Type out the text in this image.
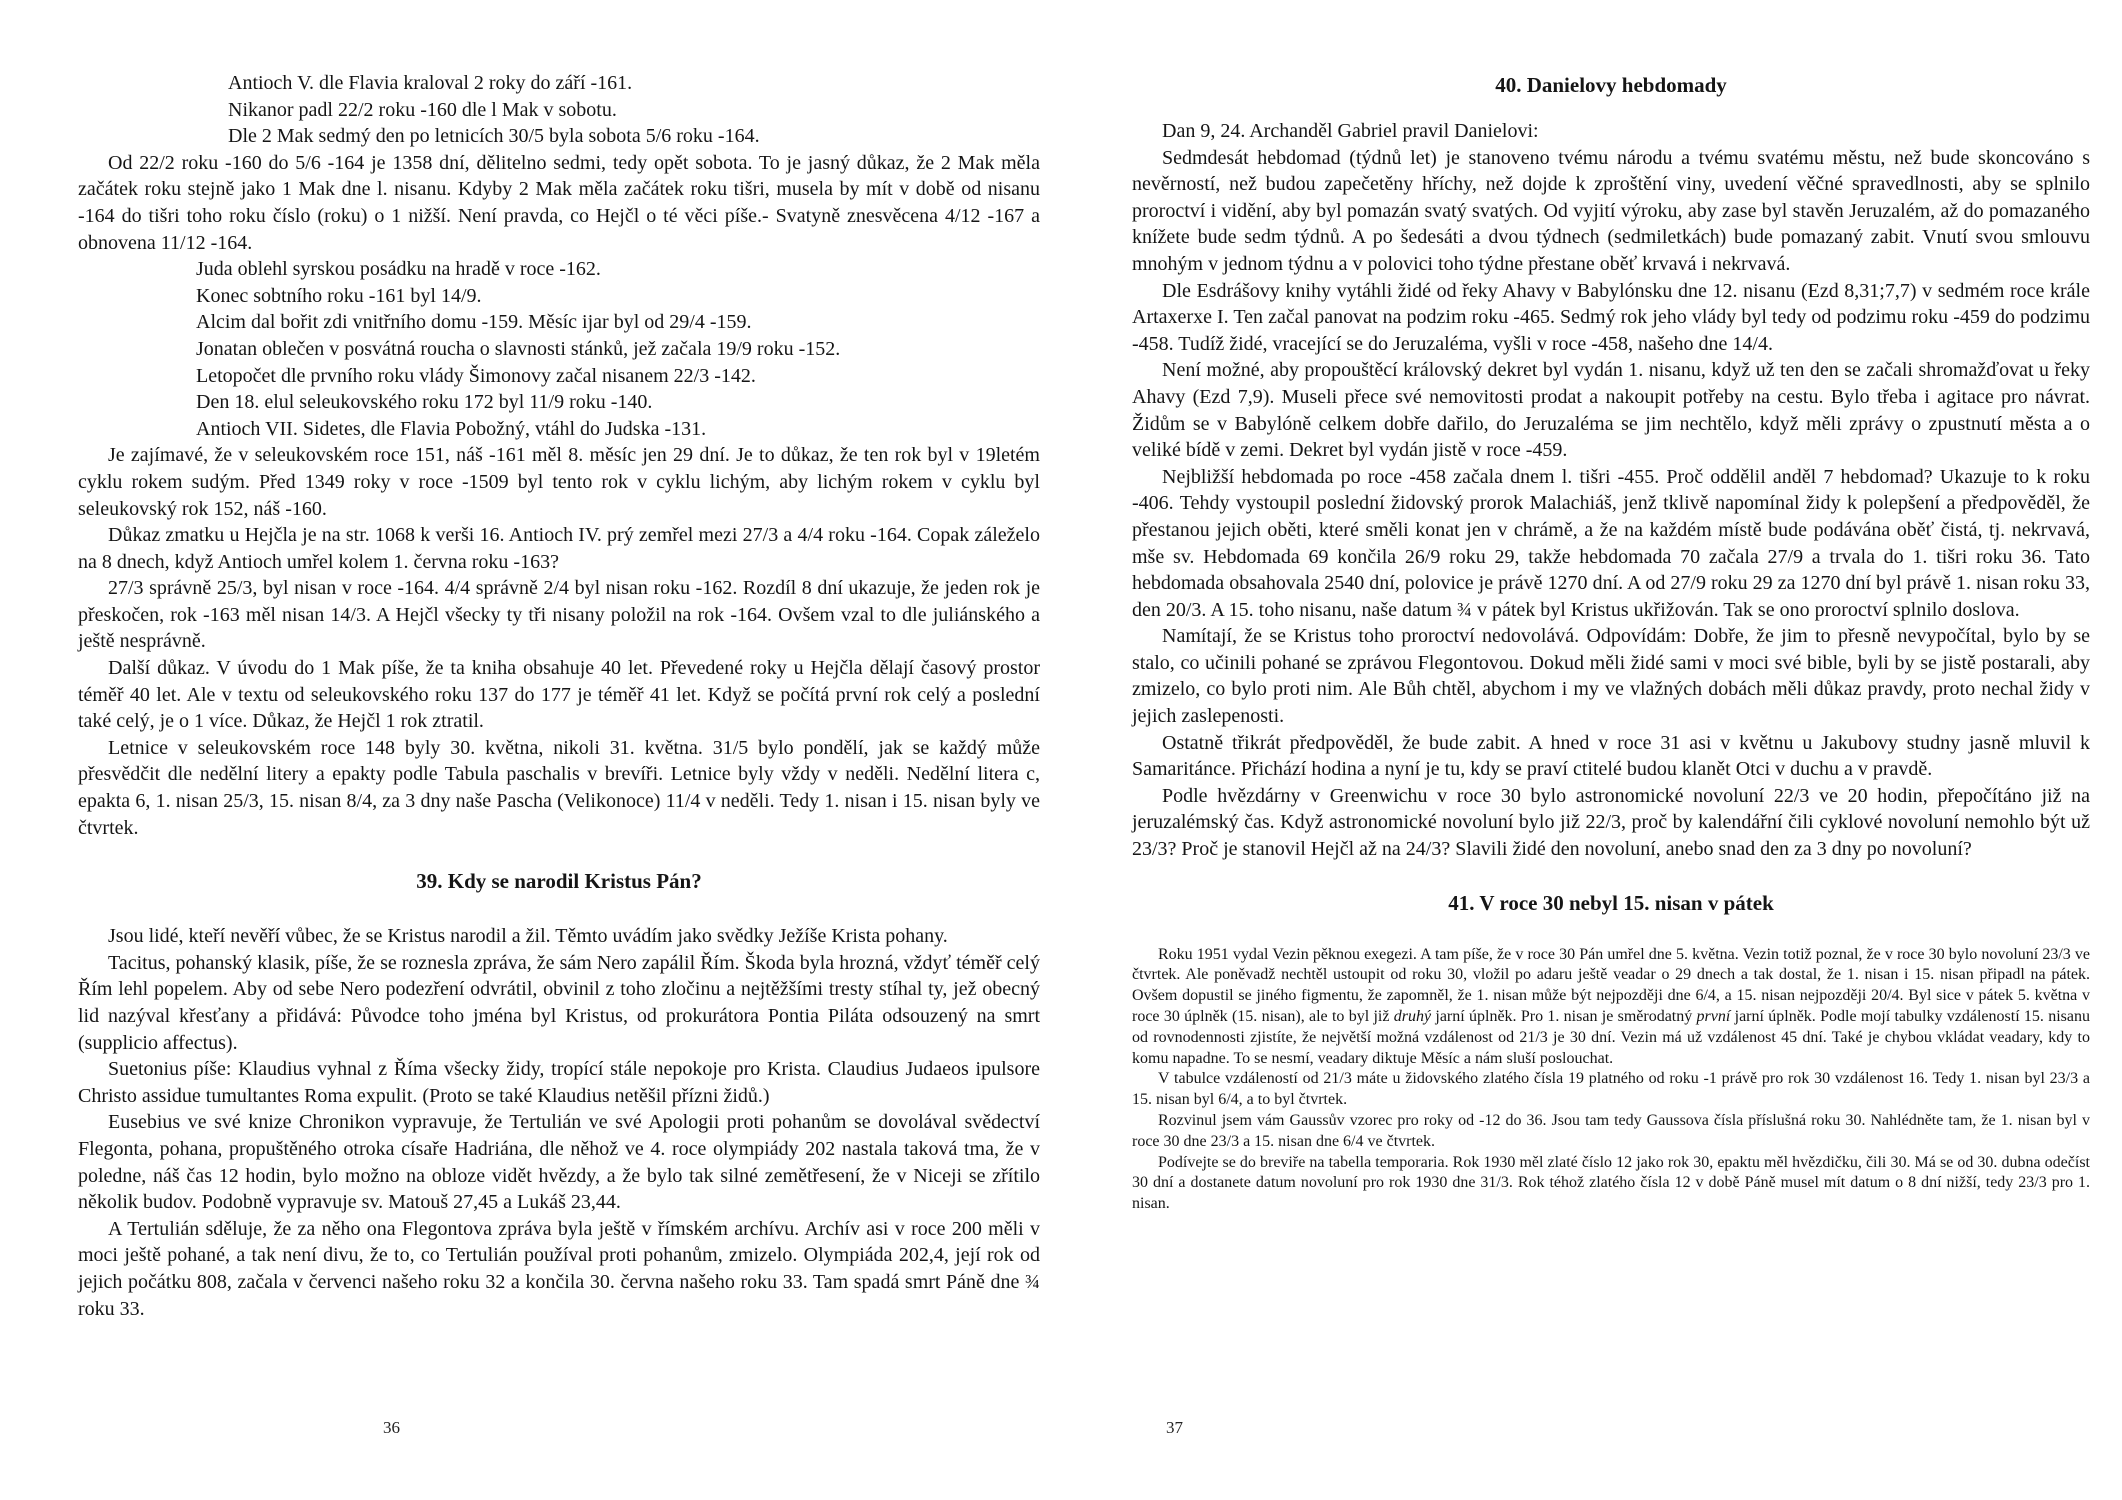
Antioch V. dle Flavia kraloval 2 roky do září -161.
Nikanor padl 22/2 roku -160 dle l Mak v sobotu.
Dle 2 Mak sedmý den po letnicích 30/5 byla sobota 5/6 roku -164.

Od 22/2 roku -160 do 5/6 -164 je 1358 dní, dělitelno sedmi, tedy opět sobota. To je jasný důkaz, že 2 Mak měla začátek roku stejně jako 1 Mak dne l. nisanu. Kdyby 2 Mak měla začátek roku tišri, musela by mít v době od nisanu -164 do tišri toho roku číslo (roku) o 1 nižší. Není pravda, co Hejčl o té věci píše.- Svatyně znesvěcena 4/12 -167 a obnovena 11/12 -164.

Juda oblehl syrskou posádku na hradě v roce -162.
Konec sobtního roku -161 byl 14/9.
Alcim dal bořit zdi vnitřního domu -159. Měsíc ijar byl od 29/4 -159.
Jonatan oblečen v posvátná roucha o slavnosti stánků, jež začala 19/9 roku -152.
Letopočet dle prvního roku vlády Šimonovy začal nisanem 22/3 -142.
Den 18. elul seleukovského roku 172 byl 11/9 roku -140.
Antioch VII. Sidetes, dle Flavia Pobožný, vtáhl do Judska -131.

Je zajímavé, že v seleukovském roce 151, náš -161 měl 8. měsíc jen 29 dní. Je to důkaz, že ten rok byl v 19letém cyklu rokem sudým. Před 1349 roky v roce -1509 byl tento rok v cyklu lichým, aby lichým rokem v cyklu byl seleukovský rok 152, náš -160.

Důkaz zmatku u Hejčla je na str. 1068 k verši 16. Antioch IV. prý zemřel mezi 27/3 a 4/4 roku -164. Copak záleželo na 8 dnech, když Antioch umřel kolem 1. června roku -163?

27/3 správně 25/3, byl nisan v roce -164. 4/4 správně 2/4 byl nisan roku -162. Rozdíl 8 dní ukazuje, že jeden rok je přeskočen, rok -163 měl nisan 14/3. A Hejčl všecky ty tři nisany položil na rok -164. Ovšem vzal to dle juliánského a ještě nesprávně.

Další důkaz. V úvodu do 1 Mak píše, že ta kniha obsahuje 40 let. Převedené roky u Hejčla dělají časový prostor téměř 40 let. Ale v textu od seleukovského roku 137 do 177 je téměř 41 let. Když se počítá první rok celý a poslední také celý, je o 1 více. Důkaz, že Hejčl 1 rok ztratil.

Letnice v seleukovském roce 148 byly 30. května, nikoli 31. května. 31/5 bylo pondělí, jak se každý může přesvědčit dle nedělní litery a epakty podle Tabula paschalis v brevíři. Letnice byly vždy v neděli. Nedělní litera c, epakta 6, 1. nisan 25/3, 15. nisan 8/4, za 3 dny naše Pascha (Velikonoce) 11/4 v neděli. Tedy 1. nisan i 15. nisan byly ve čtvrtek.

39. Kdy se narodil Kristus Pán?

Jsou lidé, kteří nevěří vůbec, že se Kristus narodil a žil. Těmto uvádím jako svědky Ježíše Krista pohany.

Tacitus, pohanský klasik, píše, že se roznesla zpráva, že sám Nero zapálil Řím. Škoda byla hrozná, vždyť téměř celý Řím lehl popelem. Aby od sebe Nero podezření odvrátil, obvinil z toho zločinu a nejtěžšími tresty stíhal ty, jež obecný lid nazýval křesťany a přidává: Původce toho jména byl Kristus, od prokurátora Pontia Piláta odsouzený na smrt (supplicio affectus).

Suetonius píše: Klaudius vyhnal z Říma všecky židy, tropící stále nepokoje pro Krista. Claudius Judaeos ipulsore Christo assidue tumultantes Roma expulit. (Proto se také Klaudius netěšil přízni židů.)

Eusebius ve své knize Chronikon vypravuje, že Tertulián ve své Apologii proti pohanům se dovolával svědectví Flegonta, pohana, propuštěného otroka císaře Hadriána, dle něhož ve 4. roce olympiády 202 nastala taková tma, že v poledne, náš čas 12 hodin, bylo možno na obloze vidět hvězdy, a že bylo tak silné zemětřesení, že v Niceji se zřítilo několik budov. Podobně vypravuje sv. Matouš 27,45 a Lukáš 23,44.

A Tertulián sděluje, že za něho ona Flegontova zpráva byla ještě v římském archívu. Archív asi v roce 200 měli v moci ještě pohané, a tak není divu, že to, co Tertulián používal proti pohanům, zmizelo. Olympiáda 202,4, její rok od jejich počátku 808, začala v červenci našeho roku 32 a končila 30. června našeho roku 33. Tam spadá smrt Páně dne ¾ roku 33.

40. Danielovy hebdomady

Dan 9, 24. Archanděl Gabriel pravil Danielovi:

Sedmdesát hebdomad (týdnů let) je stanoveno tvému národu a tvému svatému městu, než bude skoncováno s nevěrností, než budou zapečetěny hříchy, než dojde k zproštění viny, uvedení věčné spravedlnosti, aby se splnilo proroctví i vidění, aby byl pomazán svatý svatých. Od vyjití výroku, aby zase byl stavěn Jeruzalém, až do pomazaného knížete bude sedm týdnů. A po šedesáti a dvou týdnech (sedmiletkách) bude pomazaný zabit. Vnutí svou smlouvu mnohým v jednom týdnu a v polovici toho týdne přestane oběť krvavá i nekrvavá.

Dle Esdrášovy knihy vytáhli židé od řeky Ahavy v Babylónsku dne 12. nisanu (Ezd 8,31;7,7) v sedmém roce krále Artaxerxe I. Ten začal panovat na podzim roku -465. Sedmý rok jeho vlády byl tedy od podzimu roku -459 do podzimu -458. Tudíž židé, vracející se do Jeruzaléma, vyšli v roce -458, našeho dne 14/4.

Není možné, aby propouštěcí královský dekret byl vydán 1. nisanu, když už ten den se začali shromažďovat u řeky Ahavy (Ezd 7,9). Museli přece své nemovitosti prodat a nakoupit potřeby na cestu. Bylo třeba i agitace pro návrat. Židům se v Babylóně celkem dobře dařilo, do Jeruzaléma se jim nechtělo, když měli zprávy o zpustnutí města a o veliké bídě v zemi. Dekret byl vydán jistě v roce -459.

Nejbližší hebdomada po roce -458 začala dnem l. tišri -455. Proč oddělil anděl 7 hebdomad? Ukazuje to k roku -406. Tehdy vystoupil poslední židovský prorok Malachiáš, jenž tklivě napomínal židy k polepšení a předpověděl, že přestanou jejich oběti, které směli konat jen v chrámě, a že na každém místě bude podávána oběť čistá, tj. nekrvavá, mše sv. Hebdomada 69 končila 26/9 roku 29, takže hebdomada 70 začala 27/9 a trvala do 1. tišri roku 36. Tato hebdomada obsahovala 2540 dní, polovice je právě 1270 dní. A od 27/9 roku 29 za 1270 dní byl právě 1. nisan roku 33, den 20/3. A 15. toho nisanu, naše datum ¾ v pátek byl Kristus ukřižován. Tak se ono proroctví splnilo doslova.

Namítají, že se Kristus toho proroctví nedovolává. Odpovídám: Dobře, že jim to přesně nevypočítal, bylo by se stalo, co učinili pohané se zprávou Flegontovou. Dokud měli židé sami v moci své bible, byli by se jistě postarali, aby zmizelo, co bylo proti nim. Ale Bůh chtěl, abychom i my ve vlažných dobách měli důkaz pravdy, proto nechal židy v jejich zaslepenosti.

Ostatně třikrát předpověděl, že bude zabit. A hned v roce 31 asi v květnu u Jakubovy studny jasně mluvil k Samaritánce. Přichází hodina a nyní je tu, kdy se praví ctitelé budou klanět Otci v duchu a v pravdě.

Podle hvězdárny v Greenwichu v roce 30 bylo astronomické novoluní 22/3 ve 20 hodin, přepočítáno již na jeruzalémský čas. Když astronomické novoluní bylo již 22/3, proč by kalendářní čili cyklové novoluní nemohlo být už 23/3? Proč je stanovil Hejčl až na 24/3? Slavili židé den novoluní, anebo snad den za 3 dny po novoluní?

41. V roce 30 nebyl 15. nisan v pátek

Roku 1951 vydal Vezin pěknou exegezi. A tam píše, že v roce 30 Pán umřel dne 5. května. Vezin totiž poznal, že v roce 30 bylo novoluní 23/3 ve čtvrtek. Ale poněvadž nechtěl ustoupit od roku 30, vložil po adaru ještě veadar o 29 dnech a tak dostal, že 1. nisan i 15. nisan připadl na pátek. Ovšem dopustil se jiného figmentu, že zapomněl, že 1. nisan může být nejpozději dne 6/4, a 15. nisan nejpozději 20/4. Byl sice v pátek 5. května v roce 30 úplněk (15. nisan), ale to byl již druhý jarní úplněk. Pro 1. nisan je směrodatný první jarní úplněk. Podle mojí tabulky vzdáleností 15. nisanu od rovnodennosti zjistíte, že největší možná vzdálenost od 21/3 je 30 dní. Vezin má už vzdálenost 45 dní. Také je chybou vkládat veadary, kdy to komu napadne. To se nesmí, veadary diktuje Měsíc a nám sluší poslouchat.

V tabulce vzdáleností od 21/3 máte u židovského zlatého čísla 19 platného od roku -1 právě pro rok 30 vzdálenost 16. Tedy 1. nisan byl 23/3 a 15. nisan byl 6/4, a to byl čtvrtek.

Rozvinul jsem vám Gaussův vzorec pro roky od -12 do 36. Jsou tam tedy Gaussova čísla příslušná roku 30. Nahlédněte tam, že 1. nisan byl v roce 30 dne 23/3 a 15. nisan dne 6/4 ve čtvrtek.

Podívejte se do breviře na tabella temporaria. Rok 1930 měl zlaté číslo 12 jako rok 30, epaktu měl hvězdičku, čili 30. Má se od 30. dubna odečíst 30 dní a dostanete datum novoluní pro rok 1930 dne 31/3. Rok téhož zlatého čísla 12 v době Páně musel mít datum o 8 dní nižší, tedy 23/3 pro 1. nisan.

36	37
